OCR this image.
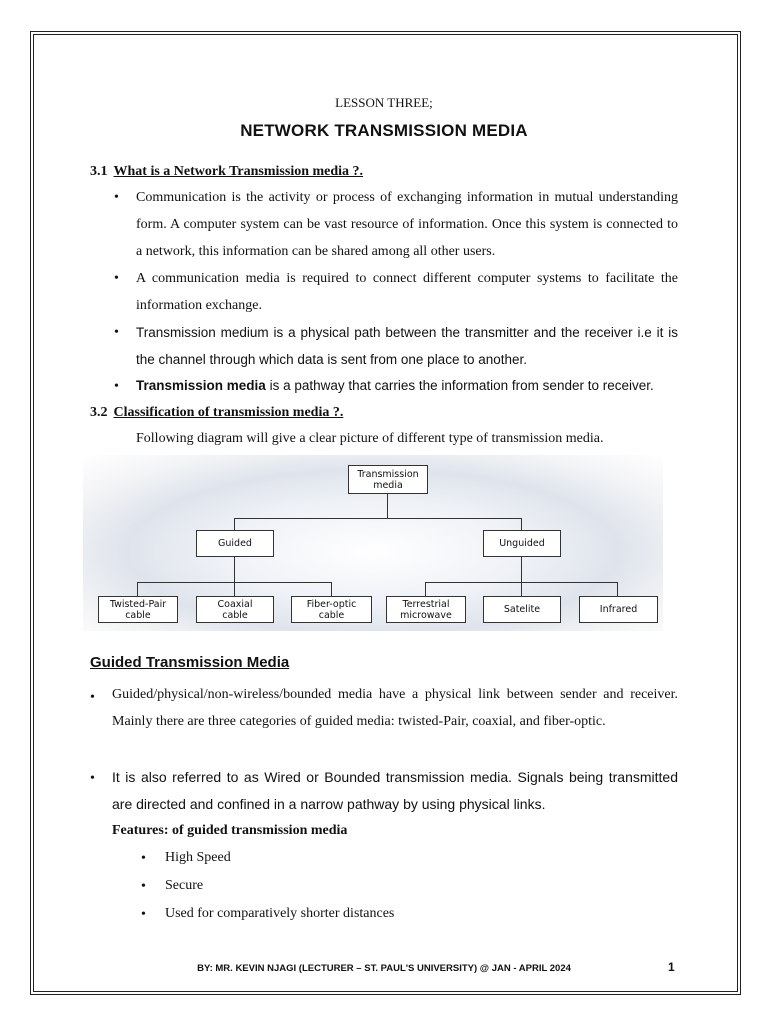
LESSON THREE;
NETWORK TRANSMISSION MEDIA
3.1 What is a Network Transmission media ?.
• Communication is the activity or process of exchanging information in mutual understanding form. A computer system can be vast resource of information. Once this system is connected to a network, this information can be shared among all other users.
• A communication media is required to connect different computer systems to facilitate the information exchange.
• Transmission medium is a physical path between the transmitter and the receiver i.e it is the channel through which data is sent from one place to another.
• Transmission media is a pathway that carries the information from sender to receiver.
3.2 Classification of transmission media ?.
Following diagram will give a clear picture of different type of transmission media.
Transmission
media
Guided	Unguided
Twisted-Pair
cable
Coaxial
cable
Fiber-optic
cable
Terrestrial
microwave	Satelite	Infrared
Guided Transmission Media
• Guided/physical/non-wireless/bounded media have a physical link between sender and receiver. Mainly there are three categories of guided media: twisted-Pair, coaxial, and fiber-optic.
• It is also referred to as Wired or Bounded transmission media. Signals being transmitted are directed and confined in a narrow pathway by using physical links.
Features: of guided transmission media
• High Speed
• Secure
• Used for comparatively shorter distances
BY: MR. KEVIN NJAGI (LECTURER – ST. PAUL'S UNIVERSITY) @ JAN - APRIL 2024	1
